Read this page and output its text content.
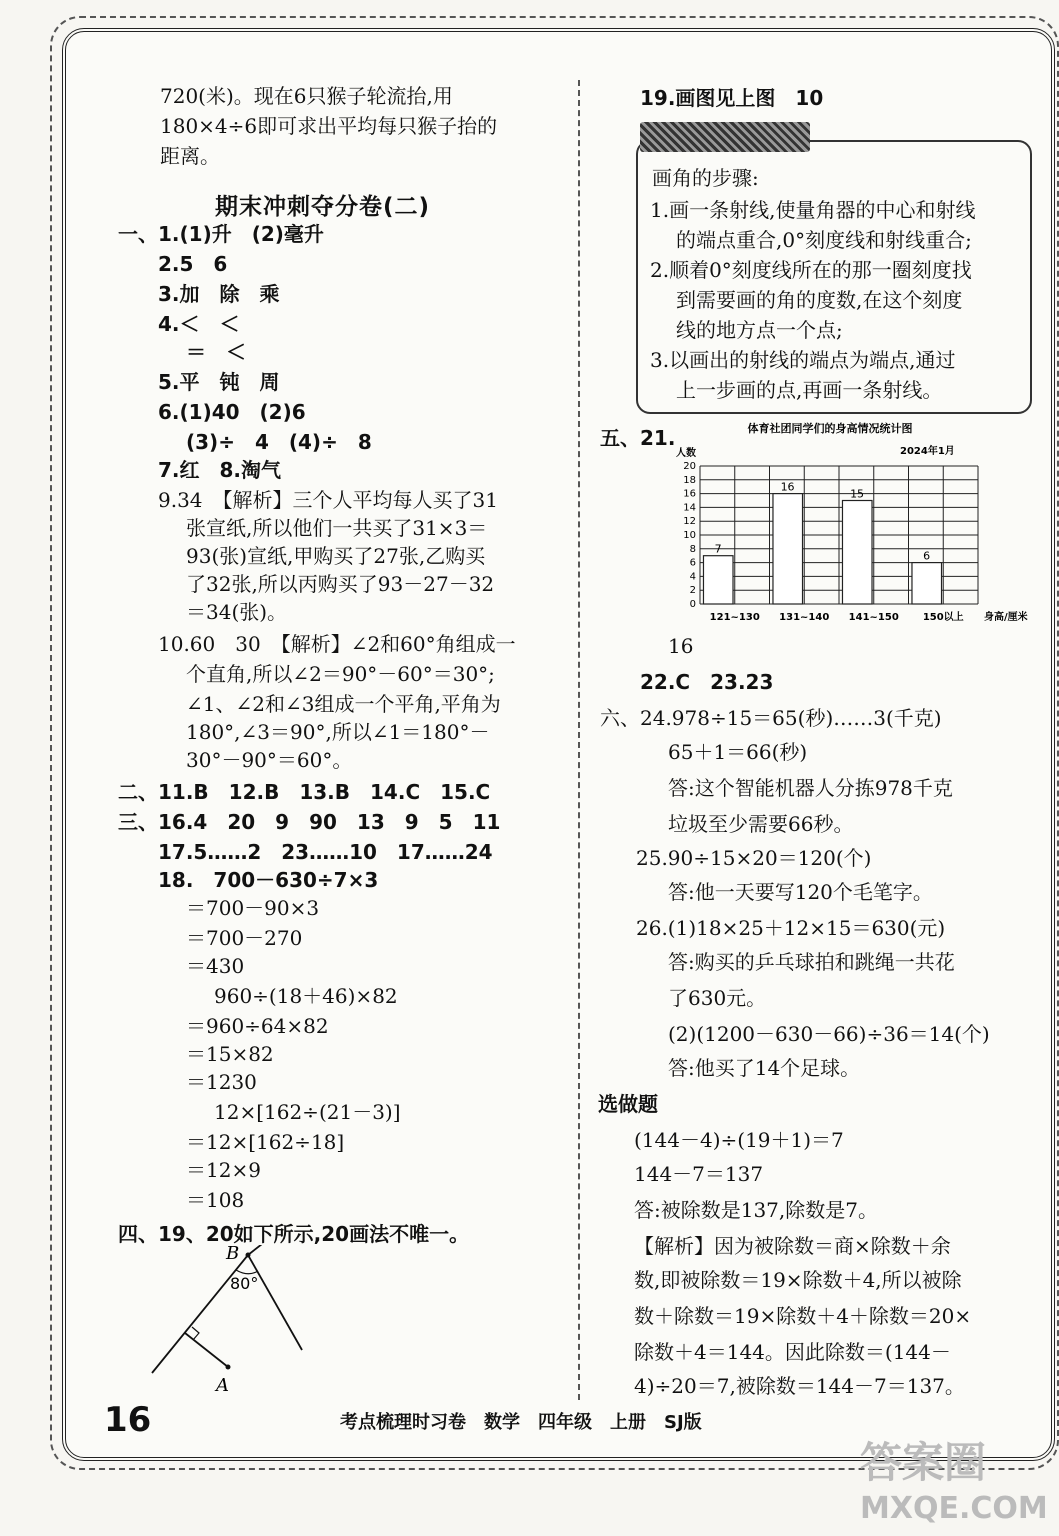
720(米)。现在6只猴子轮流抬,用
180×4÷6即可求出平均每只猴子抬的
距离。
期末冲刺夺分卷(二)
一、1.(1)升　(2)毫升
2.5　6
3.加　除　乘
4.＜　＜
＝　＜
5.平　钝　周
6.(1)40　(2)6
(3)÷　4　(4)÷　8
7.红　8.淘气
9.34　【解析】三个人平均每人买了31
张宣纸,所以他们一共买了31×3＝
93(张)宣纸,甲购买了27张,乙购买
了32张,所以丙购买了93－27－32
＝34(张)。
10.60　30　【解析】∠2和60°角组成一
个直角,所以∠2＝90°－60°＝30°;
∠1、∠2和∠3组成一个平角,平角为
180°,∠3＝90°,所以∠1＝180°－
30°－90°＝60°。
二、11.B　12.B　13.B　14.C　15.C
三、16.4　20　9　90　13　9　5　11
17.5……2　23……10　17……24
18.　700－630÷7×3
＝700－90×3
＝700－270
＝430
960÷(18＋46)×82
＝960÷64×82
＝15×82
＝1230
12×[162÷(21－3)]
＝12×[162÷18]
＝12×9
＝108
四、19、20如下所示,20画法不唯一。
B
A
80°
19.画图见上图　10
画角的步骤:
1.画一条射线,使量角器的中心和射线
的端点重合,0°刻度线和射线重合;
2.顺着0°刻度线所在的那一圈刻度找
到需要画的角的度数,在这个刻度
线的地方点一个点;
3.以画出的射线的端点为端点,通过
上一步画的点,再画一条射线。
五、21.	体育社团同学们的身高情况统计图
人数	2024年1月
0
2
4
6
8
10
12
14
16
18
20
7
121~130
16
131~140
15
141~150
6
150以上 身高/厘米
16
22.C　23.23
六、24.978÷15＝65(秒)……3(千克)
65＋1＝66(秒)
答:这个智能机器人分拣978千克
垃圾至少需要66秒。
25.90÷15×20＝120(个)
答:他一天要写120个毛笔字。
26.(1)18×25＋12×15＝630(元)
答:购买的乒乓球拍和跳绳一共花
了630元。
(2)(1200－630－66)÷36＝14(个)
答:他买了14个足球。
选做题
(144－4)÷(19＋1)＝7
144－7＝137
答:被除数是137,除数是7。
【解析】因为被除数＝商×除数＋余
数,即被除数＝19×除数＋4,所以被除
数＋除数＝19×除数＋4＋除数＝20×
除数＋4＝144。因此除数＝(144－
4)÷20＝7,被除数＝144－7＝137。
16	考点梳理时习卷　数学　四年级　上册　SJ版
答案圈
MXQE.COM
